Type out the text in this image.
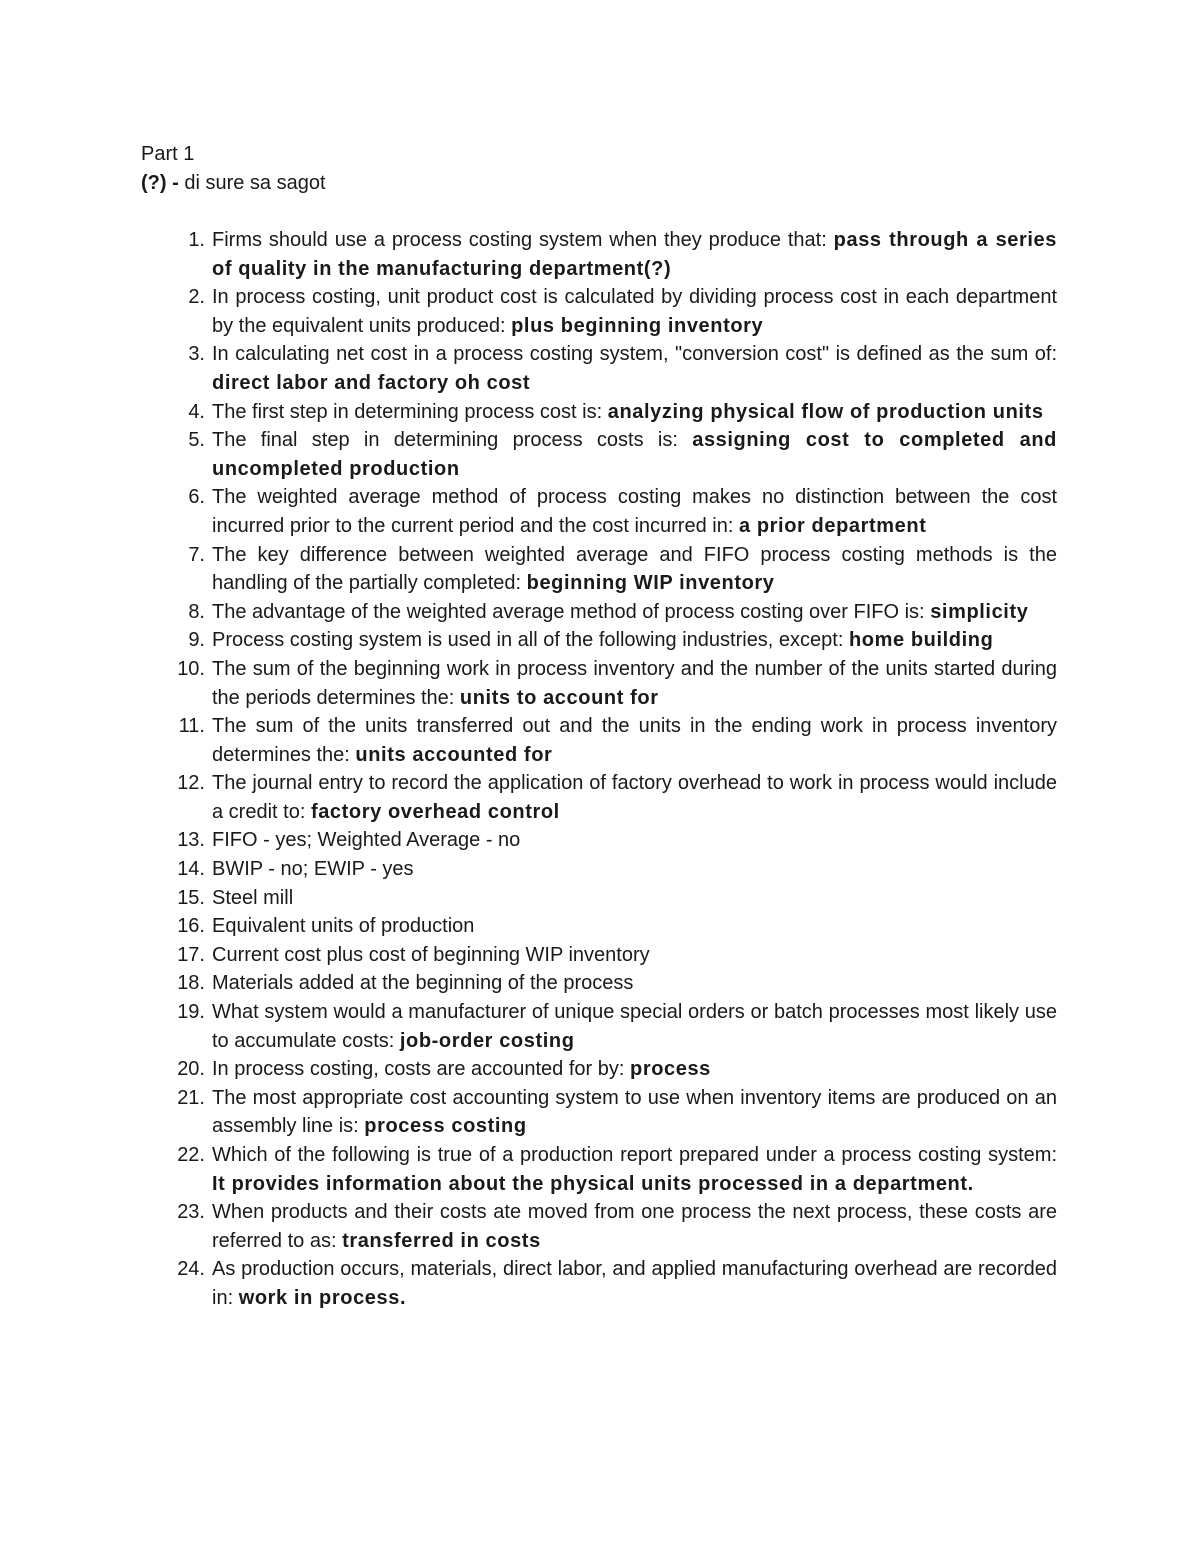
Part 1
(?) - di sure sa sagot
1. Firms should use a process costing system when they produce that: pass through a series of quality in the manufacturing department(?)
2. In process costing, unit product cost is calculated by dividing process cost in each department by the equivalent units produced: plus beginning inventory
3. In calculating net cost in a process costing system, "conversion cost" is defined as the sum of: direct labor and factory oh cost
4. The first step in determining process cost is: analyzing physical flow of production units
5. The final step in determining process costs is: assigning cost to completed and uncompleted production
6. The weighted average method of process costing makes no distinction between the cost incurred prior to the current period and the cost incurred in: a prior department
7. The key difference between weighted average and FIFO process costing methods is the handling of the partially completed: beginning WIP inventory
8. The advantage of the weighted average method of process costing over FIFO is: simplicity
9. Process costing system is used in all of the following industries, except: home building
10. The sum of the beginning work in process inventory and the number of the units started during the periods determines the: units to account for
11. The sum of the units transferred out and the units in the ending work in process inventory determines the: units accounted for
12. The journal entry to record the application of factory overhead to work in process would include a credit to: factory overhead control
13. FIFO - yes; Weighted Average - no
14. BWIP - no; EWIP - yes
15. Steel mill
16. Equivalent units of production
17. Current cost plus cost of beginning WIP inventory
18. Materials added at the beginning of the process
19. What system would a manufacturer of unique special orders or batch processes most likely use to accumulate costs: job-order costing
20. In process costing, costs are accounted for by: process
21. The most appropriate cost accounting system to use when inventory items are produced on an assembly line is: process costing
22. Which of the following is true of a production report prepared under a process costing system: It provides information about the physical units processed in a department.
23. When products and their costs ate moved from one process the next process, these costs are referred to as: transferred in costs
24. As production occurs, materials, direct labor, and applied manufacturing overhead are recorded in: work in process.
